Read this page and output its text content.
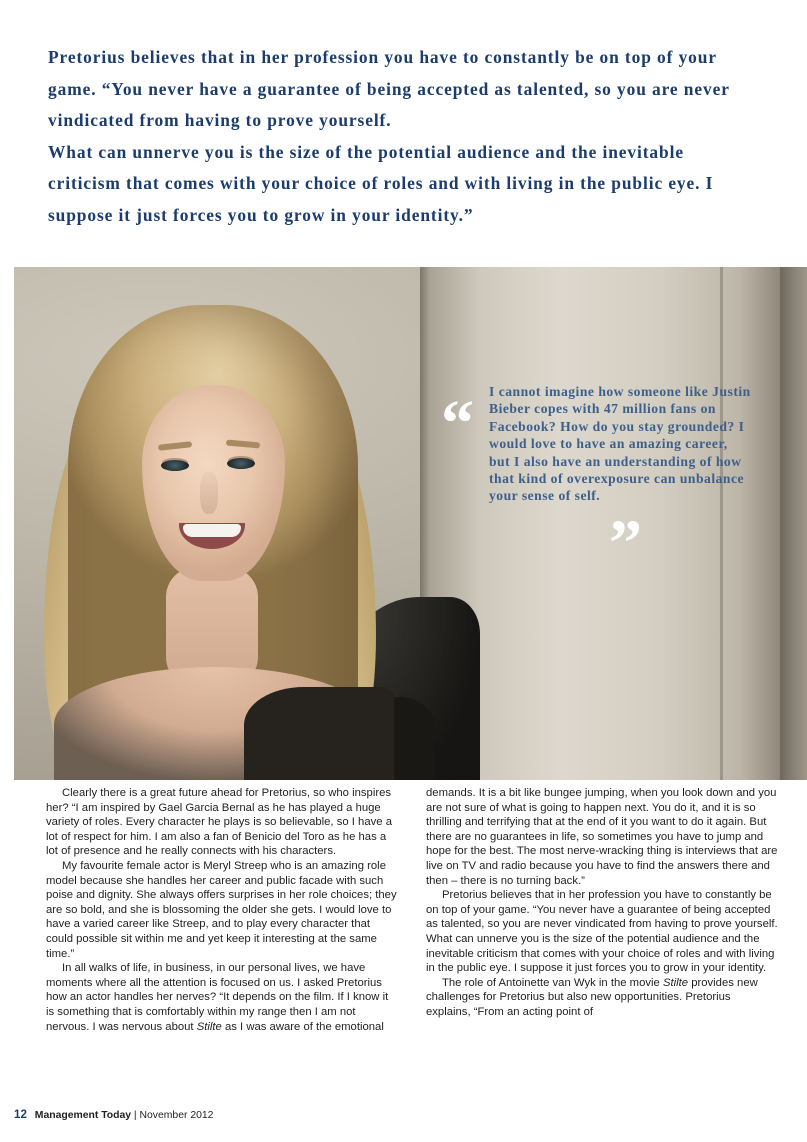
Pretorius believes that in her profession you have to constantly be on top of your game. “You never have a guarantee of being accepted as talented, so you are never vindicated from having to prove yourself.

What can unnerve you is the size of the potential audience and the inevitable criticism that comes with your choice of roles and with living in the public eye. I suppose it just forces you to grow in your identity.”

“	I cannot imagine how someone like Justin Bieber copes with 47 million fans on Facebook? How do you stay grounded? I would love to have an amazing career, but I also have an understanding of how that kind of overexposure can unbalance your sense of self.

”

Clearly there is a great future ahead for Pretorius, so who inspires her? “I am inspired by Gael Garcia Bernal as he has played a huge variety of roles. Every character he plays is so believable, so I have a lot of respect for him. I am also a fan of Benicio del Toro as he has a lot of presence and he really connects with his characters.

My favourite female actor is Meryl Streep who is an amazing role model because she handles her career and public facade with such poise and dignity. She always offers surprises in her role choices; they are so bold, and she is blossoming the older she gets. I would love to have a varied career like Streep, and to play every character that could possible sit within me and yet keep it interesting at the same time.”

In all walks of life, in business, in our personal lives, we have moments where all the attention is focused on us. I asked Pretorius how an actor handles her nerves? “It depends on the film. If I know it is something that is comfortably within my range then I am not nervous. I was nervous about Stilte as I was aware of the emotional

demands. It is a bit like bungee jumping, when you look down and you are not sure of what is going to happen next. You do it, and it is so thrilling and terrifying that at the end of it you want to do it again. But there are no guarantees in life, so sometimes you have to jump and hope for the best. The most nerve-wracking thing is interviews that are live on TV and radio because you have to find the answers there and then – there is no turning back.”

Pretorius believes that in her profession you have to constantly be on top of your game. “You never have a guarantee of being accepted as talented, so you are never vindicated from having to prove yourself. What can unnerve you is the size of the potential audience and the inevitable criticism that comes with your choice of roles and with living in the public eye. I suppose it just forces you to grow in your identity.

The role of Antoinette van Wyk in the movie Stilte provides new challenges for Pretorius but also new opportunities. Pretorius explains, “From an acting point of

12 Management Today | November 2012
